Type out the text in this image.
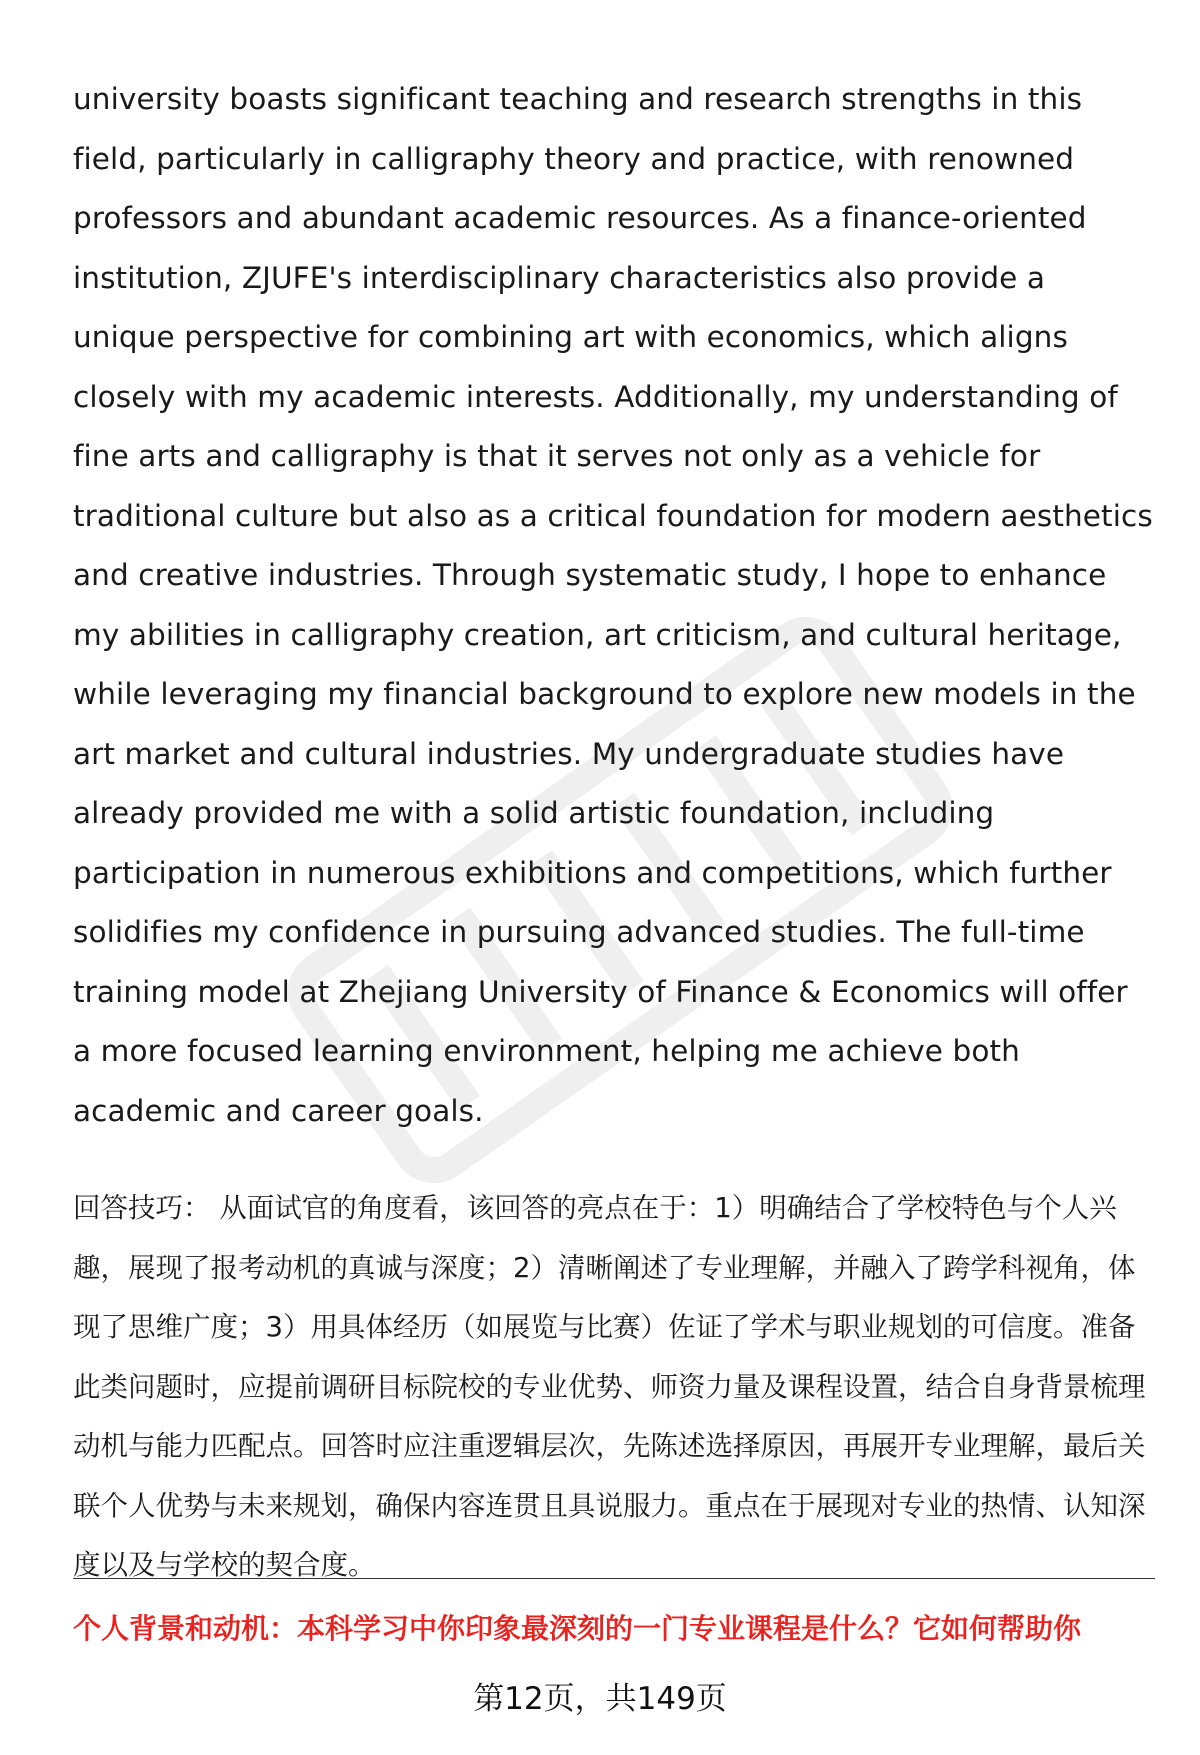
university boasts significant teaching and research strengths in this field, particularly in calligraphy theory and practice, with renowned professors and abundant academic resources. As a finance-oriented institution, ZJUFE's interdisciplinary characteristics also provide a unique perspective for combining art with economics, which aligns closely with my academic interests. Additionally, my understanding of fine arts and calligraphy is that it serves not only as a vehicle for traditional culture but also as a critical foundation for modern aesthetics and creative industries. Through systematic study, I hope to enhance my abilities in calligraphy creation, art criticism, and cultural heritage, while leveraging my financial background to explore new models in the art market and cultural industries. My undergraduate studies have already provided me with a solid artistic foundation, including participation in numerous exhibitions and competitions, which further solidifies my confidence in pursuing advanced studies. The full-time training model at Zhejiang University of Finance & Economics will offer a more focused learning environment, helping me achieve both academic and career goals.

回答技巧： 从面试官的角度看，该回答的亮点在于：1）明确结合了学校特色与个人兴趣，展现了报考动机的真诚与深度；2）清晰阐述了专业理解，并融入了跨学科视角，体现了思维广度；3）用具体经历（如展览与比赛）佐证了学术与职业规划的可信度。准备此类问题时，应提前调研目标院校的专业优势、师资力量及课程设置，结合自身背景梳理动机与能力匹配点。回答时应注重逻辑层次，先陈述选择原因，再展开专业理解，最后关联个人优势与未来规划，确保内容连贯且具说服力。重点在于展现对专业的热情、认知深度以及与学校的契合度。

个人背景和动机：本科学习中你印象最深刻的一门专业课程是什么？它如何帮助你
第12页，共149页
